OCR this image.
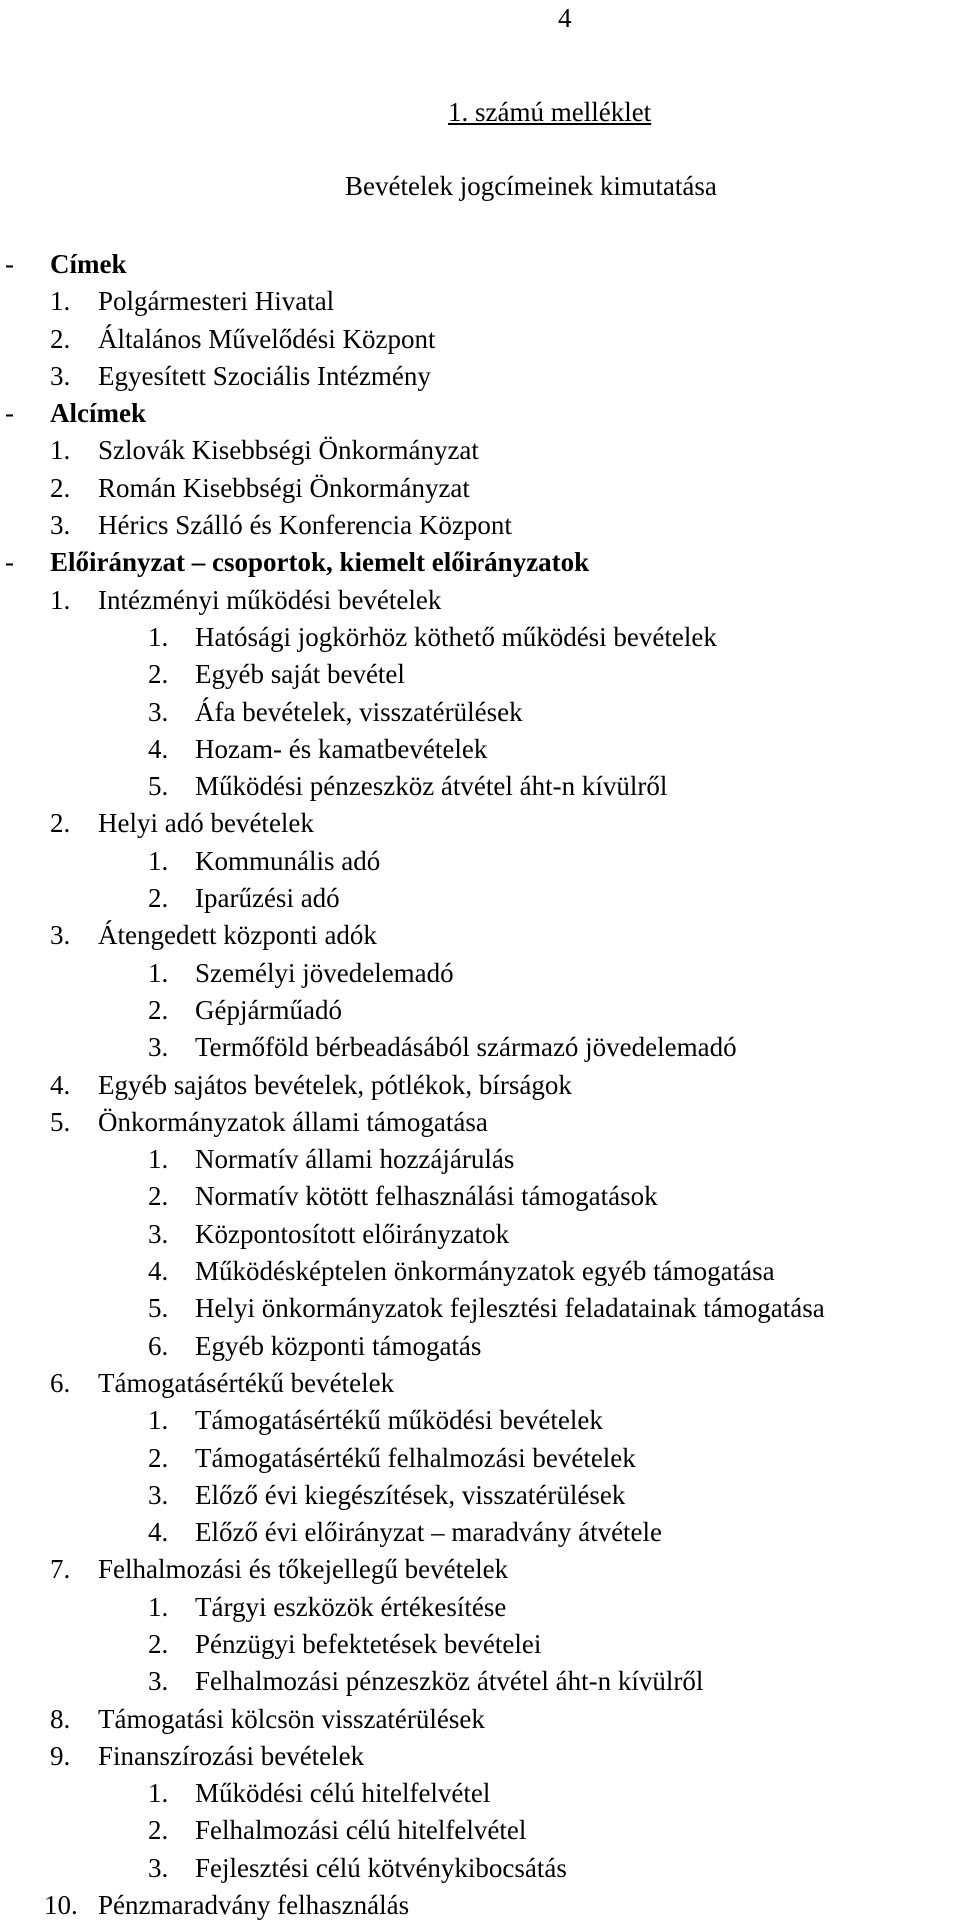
4
1. számú melléklet
Bevételek jogcímeinek kimutatása
- Címek
1. Polgármesteri Hivatal
2. Általános Művelődési Központ
3. Egyesített Szociális Intézmény
- Alcímek
1. Szlovák Kisebbségi Önkormányzat
2. Román Kisebbségi Önkormányzat
3. Hérics Szálló és Konferencia Központ
- Előirányzat – csoportok, kiemelt előirányzatok
1. Intézményi működési bevételek
1. Hatósági jogkörhöz köthető működési bevételek
2. Egyéb saját bevétel
3. Áfa bevételek, visszatérülések
4. Hozam- és kamatbevételek
5. Működési pénzeszköz átvétel áht-n kívülről
2. Helyi adó bevételek
1. Kommunális adó
2. Iparűzési adó
3. Átengedett központi adók
1. Személyi jövedelemadó
2. Gépjárműadó
3. Termőföld bérbeadásából származó jövedelemadó
4. Egyéb sajátos bevételek, pótlékok, bírságok
5. Önkormányzatok állami támogatása
1. Normatív állami hozzájárulás
2. Normatív kötött felhasználási támogatások
3. Központosított előirányzatok
4. Működésképtelen önkormányzatok egyéb támogatása
5. Helyi önkormányzatok fejlesztési feladatainak támogatása
6. Egyéb központi támogatás
6. Támogatásértékű bevételek
1. Támogatásértékű működési bevételek
2. Támogatásértékű felhalmozási bevételek
3. Előző évi kiegészítések, visszatérülések
4. Előző évi előirányzat – maradvány átvétele
7. Felhalmozási és tőkejellegű bevételek
1. Tárgyi eszközök értékesítése
2. Pénzügyi befektetések bevételei
3. Felhalmozási pénzeszköz átvétel áht-n kívülről
8. Támogatási kölcsön visszatérülések
9. Finanszírozási bevételek
1. Működési célú hitelfelvétel
2. Felhalmozási célú hitelfelvétel
3. Fejlesztési célú kötvénykibocsátás
10. Pénzmaradvány felhasználás
